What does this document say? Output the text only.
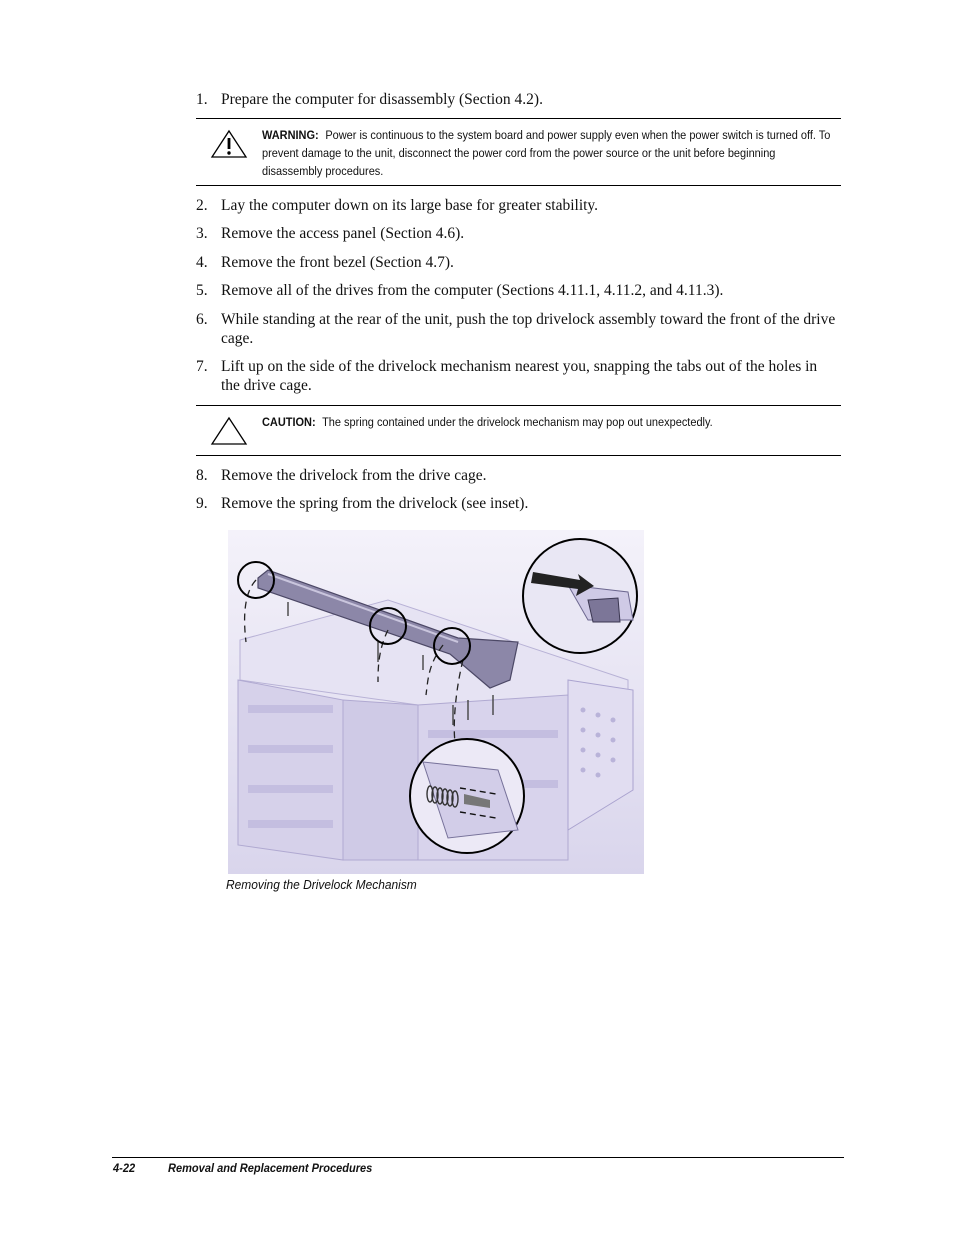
1. Prepare the computer for disassembly (Section 4.2).
WARNING: Power is continuous to the system board and power supply even when the power switch is turned off. To prevent damage to the unit, disconnect the power cord from the power source or the unit before beginning disassembly procedures.
2. Lay the computer down on its large base for greater stability.
3. Remove the access panel (Section 4.6).
4. Remove the front bezel (Section 4.7).
5. Remove all of the drives from the computer (Sections 4.11.1, 4.11.2, and 4.11.3).
6. While standing at the rear of the unit, push the top drivelock assembly toward the front of the drive cage.
7. Lift up on the side of the drivelock mechanism nearest you, snapping the tabs out of the holes in the drive cage.
CAUTION: The spring contained under the drivelock mechanism may pop out unexpectedly.
8. Remove the drivelock from the drive cage.
9. Remove the spring from the drivelock (see inset).
Removing the Drivelock Mechanism
4-22	Removal and Replacement Procedures
